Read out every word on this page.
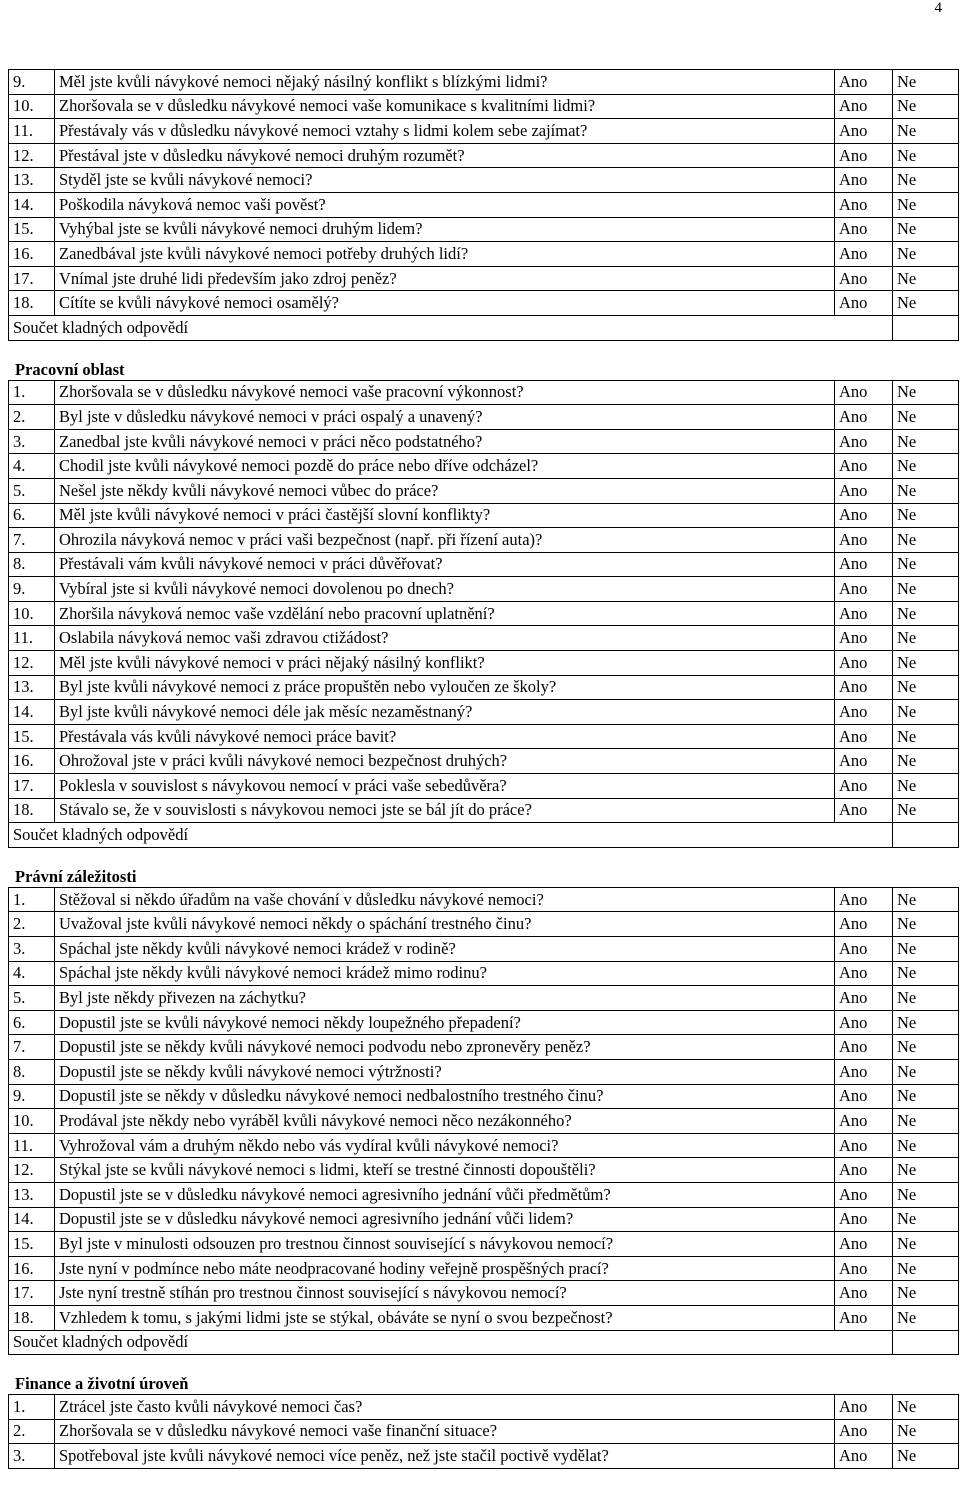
4
9.	Měl jste kvůli návykové nemoci nějaký násilný konflikt s blízkými lidmi?	Ano	Ne
10.	Zhoršovala se v důsledku návykové nemoci vaše komunikace s kvalitními lidmi?	Ano	Ne
11.	Přestávaly vás v důsledku návykové nemoci vztahy s lidmi kolem sebe zajímat?	Ano	Ne
12.	Přestával jste v důsledku návykové nemoci druhým rozumět?	Ano	Ne
13.	Styděl jste se kvůli návykové nemoci?	Ano	Ne
14.	Poškodila návyková nemoc vaši pověst?	Ano	Ne
15.	Vyhýbal jste se kvůli návykové nemoci druhým lidem?	Ano	Ne
16.	Zanedbával jste kvůli návykové nemoci potřeby druhých lidí?	Ano	Ne
17.	Vnímal jste druhé lidi především jako zdroj peněz?	Ano	Ne
18.	Cítíte se kvůli návykové nemoci osamělý?	Ano	Ne
Součet kladných odpovědí			
Pracovní oblast
1.	Zhoršovala se v důsledku návykové nemoci vaše pracovní výkonnost?	Ano	Ne
2.	Byl jste v důsledku návykové nemoci v práci ospalý a unavený?	Ano	Ne
3.	Zanedbal jste kvůli návykové nemoci v práci něco podstatného?	Ano	Ne
4.	Chodil jste kvůli návykové nemoci pozdě do práce nebo dříve odcházel?	Ano	Ne
5.	Nešel jste někdy kvůli návykové nemoci vůbec do práce?	Ano	Ne
6.	Měl jste kvůli návykové nemoci v práci častější slovní konflikty?	Ano	Ne
7.	Ohrozila návyková nemoc v práci vaši bezpečnost (např. při řízení auta)?	Ano	Ne
8.	Přestávali vám kvůli návykové nemoci v práci důvěřovat?	Ano	Ne
9.	Vybíral jste si kvůli návykové nemoci dovolenou po dnech?	Ano	Ne
10.	Zhoršila návyková nemoc vaše vzdělání nebo pracovní uplatnění?	Ano	Ne
11.	Oslabila návyková nemoc vaši zdravou ctižádost?	Ano	Ne
12.	Měl jste kvůli návykové nemoci v práci nějaký násilný konflikt?	Ano	Ne
13.	Byl jste kvůli návykové nemoci z práce propuštěn nebo vyloučen ze školy?	Ano	Ne
14.	Byl jste kvůli návykové nemoci déle jak měsíc nezaměstnaný?	Ano	Ne
15.	Přestávala vás kvůli návykové nemoci práce bavit?	Ano	Ne
16.	Ohrožoval jste v práci kvůli návykové nemoci bezpečnost druhých?	Ano	Ne
17.	Poklesla v souvislost s návykovou nemocí v práci vaše sebedůvěra?	Ano	Ne
18.	Stávalo se, že v souvislosti s návykovou nemoci jste se bál jít do práce?	Ano	Ne
Součet kladných odpovědí			
Právní záležitosti
1.	Stěžoval si někdo úřadům na vaše chování v důsledku návykové nemoci?	Ano	Ne
2.	Uvažoval jste kvůli návykové nemoci někdy o spáchání trestného činu?	Ano	Ne
3.	Spáchal jste někdy kvůli návykové nemoci krádež v rodině?	Ano	Ne
4.	Spáchal jste někdy kvůli návykové nemoci krádež mimo rodinu?	Ano	Ne
5.	Byl jste někdy přivezen na záchytku?	Ano	Ne
6.	Dopustil jste se kvůli návykové nemoci někdy loupežného přepadení?	Ano	Ne
7.	Dopustil jste se někdy kvůli návykové nemoci podvodu nebo zpronevěry peněz?	Ano	Ne
8.	Dopustil jste se někdy kvůli návykové nemoci výtržnosti?	Ano	Ne
9.	Dopustil jste se někdy v důsledku návykové nemoci nedbalostního trestného činu?	Ano	Ne
10.	Prodával jste někdy nebo vyráběl kvůli návykové nemoci něco nezákonného?	Ano	Ne
11.	Vyhrožoval vám a druhým někdo nebo vás vydíral kvůli návykové nemoci?	Ano	Ne
12.	Stýkal jste se kvůli návykové nemoci s lidmi, kteří se trestné činnosti dopouštěli?	Ano	Ne
13.	Dopustil jste se v důsledku návykové nemoci agresivního jednání vůči předmětům?	Ano	Ne
14.	Dopustil jste se v důsledku návykové nemoci agresivního jednání vůči lidem?	Ano	Ne
15.	Byl jste v minulosti odsouzen pro trestnou činnost související s návykovou nemocí?	Ano	Ne
16.	Jste nyní v podmínce nebo máte neodpracované hodiny veřejně prospěšných prací?	Ano	Ne
17.	Jste nyní trestně stíhán pro trestnou činnost související s návykovou nemocí?	Ano	Ne
18.	Vzhledem k tomu, s jakými lidmi jste se stýkal, obáváte se nyní o svou bezpečnost?	Ano	Ne
Součet kladných odpovědí			
Finance a životní úroveň
1.	Ztrácel jste často kvůli návykové nemoci čas?	Ano	Ne
2.	Zhoršovala se v důsledku návykové nemoci vaše finanční situace?	Ano	Ne
3.	Spotřeboval jste kvůli návykové nemoci více peněz, než jste stačil poctivě vydělat?	Ano	Ne
